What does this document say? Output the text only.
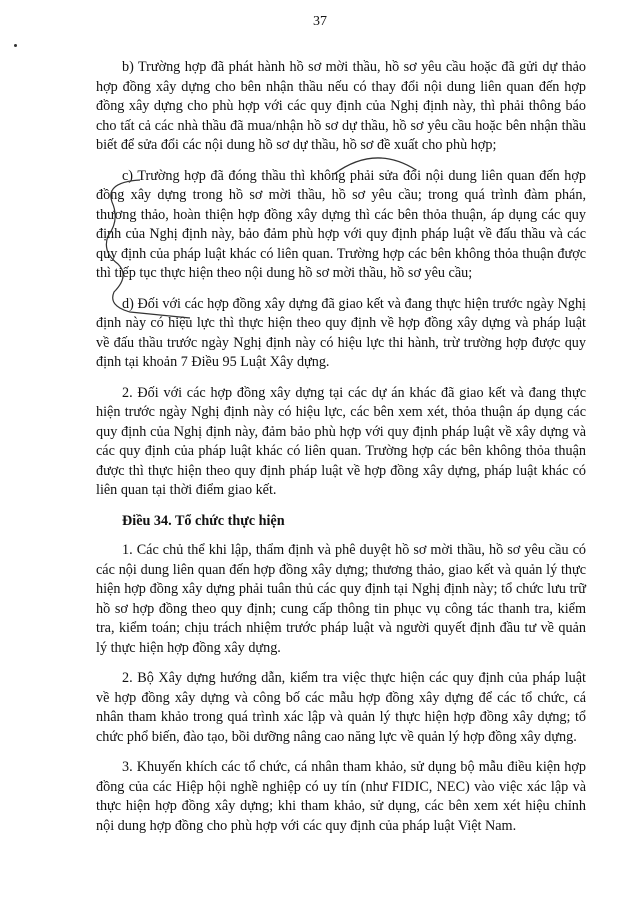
37

b) Trường hợp đã phát hành hồ sơ mời thầu, hồ sơ yêu cầu hoặc đã gửi dự thảo hợp đồng xây dựng cho bên nhận thầu nếu có thay đổi nội dung liên quan đến hợp đồng xây dựng cho phù hợp với các quy định của Nghị định này, thì phải thông báo cho tất cả các nhà thầu đã mua/nhận hồ sơ dự thầu, hồ sơ yêu cầu hoặc bên nhận thầu biết để sửa đổi các nội dung hồ sơ dự thầu, hồ sơ đề xuất cho phù hợp;

c) Trường hợp đã đóng thầu thì không phải sửa đổi nội dung liên quan đến hợp đồng xây dựng trong hồ sơ mời thầu, hồ sơ yêu cầu; trong quá trình đàm phán, thương thảo, hoàn thiện hợp đồng xây dựng thì các bên thỏa thuận, áp dụng các quy định của Nghị định này, bảo đảm phù hợp với quy định pháp luật về đấu thầu và các quy định của pháp luật khác có liên quan. Trường hợp các bên không thỏa thuận được thì tiếp tục thực hiện theo nội dung hồ sơ mời thầu, hồ sơ yêu cầu;

d) Đối với các hợp đồng xây dựng đã giao kết và đang thực hiện trước ngày Nghị định này có hiệu lực thì thực hiện theo quy định về hợp đồng xây dựng và pháp luật về đấu thầu trước ngày Nghị định này có hiệu lực thi hành, trừ trường hợp được quy định tại khoản 7 Điều 95 Luật Xây dựng.

2. Đối với các hợp đồng xây dựng tại các dự án khác đã giao kết và đang thực hiện trước ngày Nghị định này có hiệu lực, các bên xem xét, thỏa thuận áp dụng các quy định của Nghị định này, đảm bảo phù hợp với quy định pháp luật về xây dựng và các quy định của pháp luật khác có liên quan. Trường hợp các bên không thỏa thuận được thì thực hiện theo quy định pháp luật về hợp đồng xây dựng, pháp luật khác có liên quan tại thời điểm giao kết.

Điều 34. Tổ chức thực hiện

1. Các chủ thể khi lập, thẩm định và phê duyệt hồ sơ mời thầu, hồ sơ yêu cầu có các nội dung liên quan đến hợp đồng xây dựng; thương thảo, giao kết và quản lý thực hiện hợp đồng xây dựng phải tuân thủ các quy định tại Nghị định này; tổ chức lưu trữ hồ sơ hợp đồng theo quy định; cung cấp thông tin phục vụ công tác thanh tra, kiểm tra, kiểm toán; chịu trách nhiệm trước pháp luật và người quyết định đầu tư về quản lý thực hiện hợp đồng xây dựng.

2. Bộ Xây dựng hướng dẫn, kiểm tra việc thực hiện các quy định của pháp luật về hợp đồng xây dựng và công bố các mẫu hợp đồng xây dựng để các tổ chức, cá nhân tham khảo trong quá trình xác lập và quản lý thực hiện hợp đồng xây dựng; tổ chức phổ biến, đào tạo, bồi dưỡng nâng cao năng lực về quản lý hợp đồng xây dựng.

3. Khuyến khích các tổ chức, cá nhân tham khảo, sử dụng bộ mẫu điều kiện hợp đồng của các Hiệp hội nghề nghiệp có uy tín (như FIDIC, NEC) vào việc xác lập và thực hiện hợp đồng xây dựng; khi tham khảo, sử dụng, các bên xem xét hiệu chỉnh nội dung hợp đồng cho phù hợp với các quy định của pháp luật Việt Nam.
